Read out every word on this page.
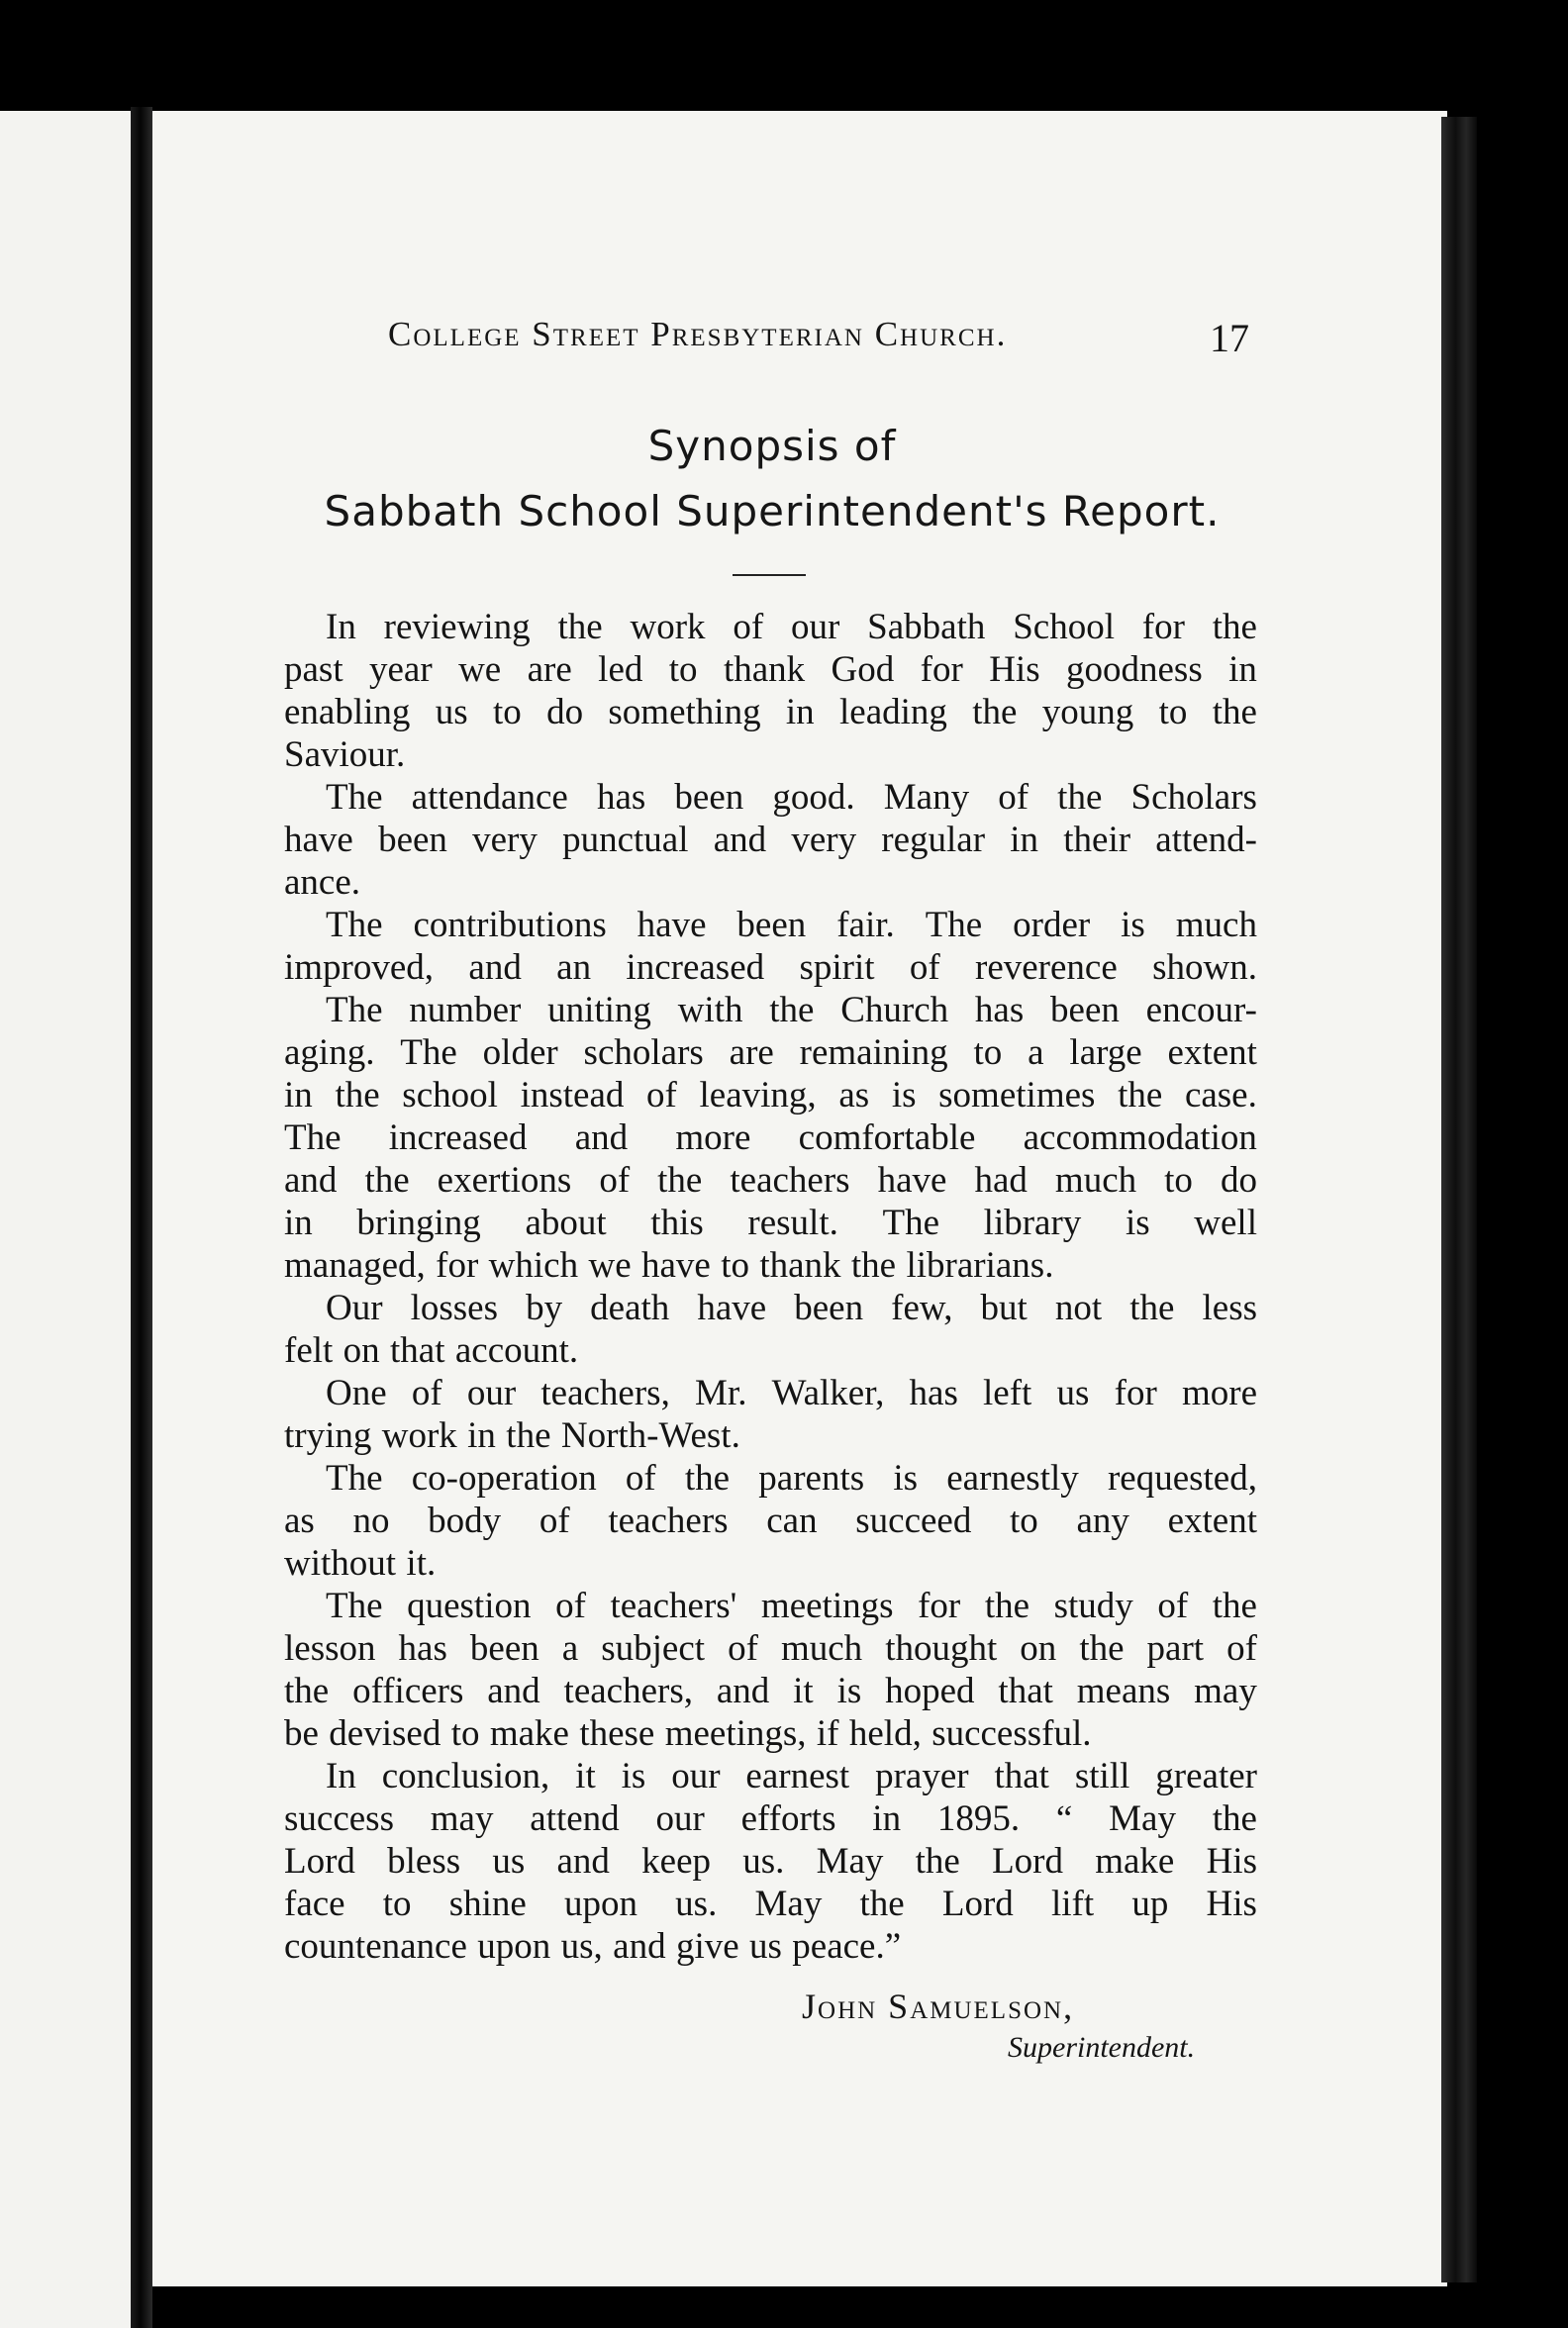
College Street Presbyterian Church.	17
Synopsis of
Sabbath School Superintendent's Report.
In reviewing the work of our Sabbath School for the
past year we are led to thank God for His goodness in
enabling us to do something in leading the young to the
Saviour.
The attendance has been good. Many of the Scholars
have been very punctual and very regular in their attend-
ance.
The contributions have been fair. The order is much
improved, and an increased spirit of reverence shown.
The number uniting with the Church has been encour-
aging. The older scholars are remaining to a large extent
in the school instead of leaving, as is sometimes the case.
The increased and more comfortable accommodation
and the exertions of the teachers have had much to do
in bringing about this result. The library is well
managed, for which we have to thank the librarians.
Our losses by death have been few, but not the less
felt on that account.
One of our teachers, Mr. Walker, has left us for more
trying work in the North-West.
The co-operation of the parents is earnestly requested,
as no body of teachers can succeed to any extent
without it.
The question of teachers' meetings for the study of the
lesson has been a subject of much thought on the part of
the officers and teachers, and it is hoped that means may
be devised to make these meetings, if held, successful.
In conclusion, it is our earnest prayer that still greater
success may attend our efforts in 1895. “ May the
Lord bless us and keep us. May the Lord make His
face to shine upon us. May the Lord lift up His
countenance upon us, and give us peace.”
John Samuelson,
Superintendent.
